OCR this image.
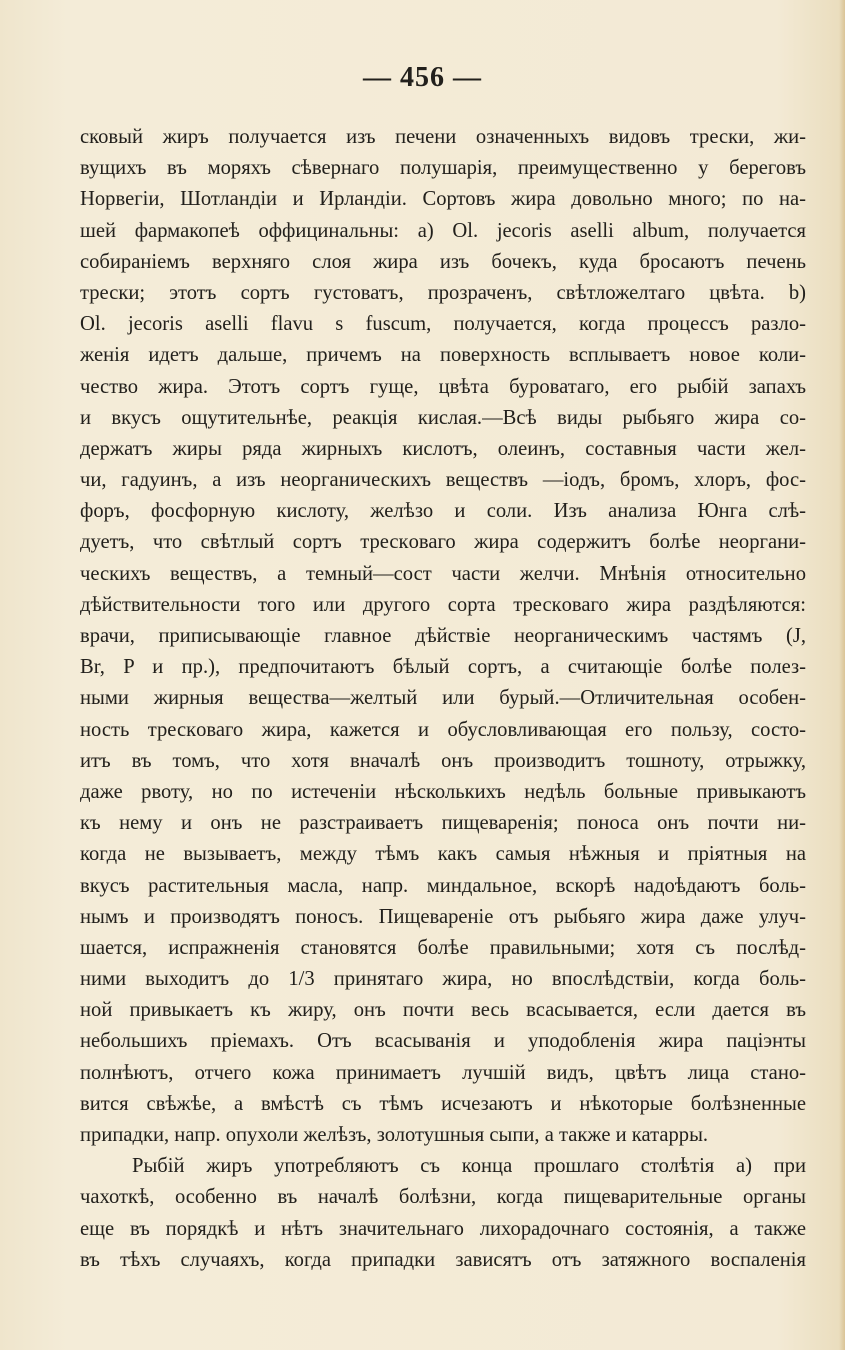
— 456 —
сковый жиръ получается изъ печени означенныхъ видовъ трески, жи-
вущихъ въ моряхъ сѣвернаго полушарія, преимущественно у береговъ
Норвегіи, Шотландіи и Ирландіи. Сортовъ жира довольно много; по на-
шей фармакопеѣ оффицинальны: а) Ol. jecoris aselli album, получается
собираніемъ верхняго слоя жира изъ бочекъ, куда бросаютъ печень
трески; этотъ сортъ густоватъ, прозраченъ, свѣтложелтаго цвѣта. b)
Ol. jecoris aselli flavu s fuscum, получается, когда процессъ разло-
женія идетъ дальше, причемъ на поверхность всплываетъ новое коли-
чество жира. Этотъ сортъ гуще, цвѣта буроватаго, его рыбій запахъ
и вкусъ ощутительнѣе, реакція кислая.—Всѣ виды рыбьяго жира со-
держатъ жиры ряда жирныхъ кислотъ, олеинъ, составныя части жел-
чи, гадуинъ, а изъ неорганическихъ веществъ —іодъ, бромъ, хлоръ, фос-
форъ, фосфорную кислоту, желѣзо и соли. Изъ анализа Юнга слѣ-
дуетъ, что свѣтлый сортъ трескoваго жира содержитъ болѣе неоргани-
ческихъ веществъ, а темный—сост части желчи. Мнѣнія относительно
дѣйствительности того или другого сорта трескoваго жира раздѣляются:
врачи, приписывающіе главное дѣйствіе неорганическимъ частямъ (J,
Br, P и пр.), предпочитаютъ бѣлый сортъ, а считающіе болѣе полез-
ными жирныя вещества—желтый или бурый.—Отличительная особен-
ность трескoваго жира, кажется и обусловливающая его пользу, состо-
итъ въ томъ, что хотя вначалѣ онъ производитъ тошноту, отрыжку,
даже рвоту, но по истеченіи нѣсколькихъ недѣль больные привыкаютъ
къ нему и онъ не разстраиваетъ пищеваренія; поноса онъ почти ни-
когда не вызываетъ, между тѣмъ какъ самыя нѣжныя и пріятныя на
вкусъ растительныя масла, напр. миндальное, вскорѣ надоѣдаютъ боль-
нымъ и производятъ поносъ. Пищевареніе отъ рыбьяго жира даже улуч-
шается, испражненія становятся болѣе правильными; хотя съ послѣд-
ними выходитъ до 1/3 принятаго жира, но впослѣдствіи, когда боль-
ной привыкаетъ къ жиру, онъ почти весь всасывается, если дается въ
небольшихъ пріемахъ. Отъ всасыванія и уподобленія жира паціэнты
полнѣютъ, отчего кожа принимаетъ лучшій видъ, цвѣтъ лица стано-
вится свѣжѣе, а вмѣстѣ съ тѣмъ исчезаютъ и нѣкоторые болѣзненные
припадки, напр. опухоли желѣзъ, золотушныя сыпи, а также и катарры.
Рыбій жиръ употребляютъ съ конца прошлаго столѣтія а) при
чахоткѣ, особенно въ началѣ болѣзни, когда пищеварительные органы
еще въ порядкѣ и нѣтъ значительнаго лихорадочнаго состоянія, а также
въ тѣхъ случаяхъ, когда припадки зависятъ отъ затяжного воспаленія
